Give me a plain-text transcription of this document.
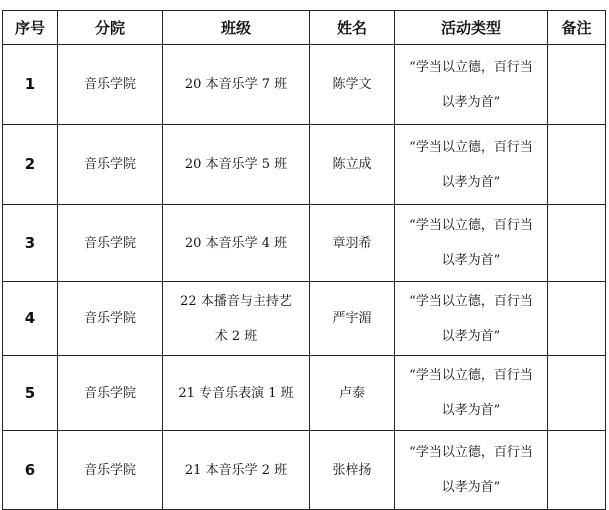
序号	分院	班级	姓名	活动类型	备注
1	音乐学院	20 本音乐学 7 班	陈学文	“学当以立德，百行当以孝为首”	
2	音乐学院	20 本音乐学 5 班	陈立成	“学当以立德，百行当以孝为首”	
3	音乐学院	20 本音乐学 4 班	章羽希	“学当以立德，百行当以孝为首”	
4	音乐学院	22 本播音与主持艺术 2 班	严宇湄	“学当以立德，百行当以孝为首”	
5	音乐学院	21 专音乐表演 1 班	卢泰	“学当以立德，百行当以孝为首”	
6	音乐学院	21 本音乐学 2 班	张梓扬	“学当以立德，百行当以孝为首”	
